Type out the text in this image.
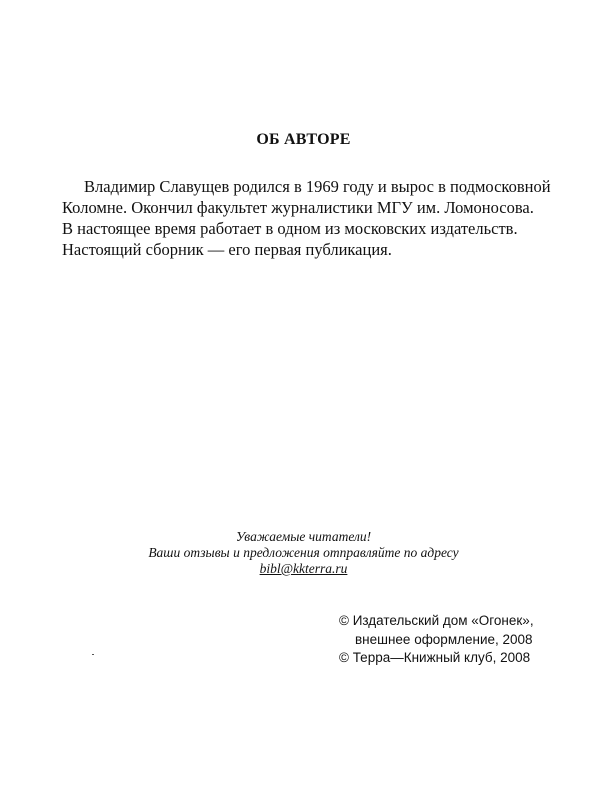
ОБ АВТОРЕ
Владимир Славущев родился в 1969 году и вырос в подмосковной
Коломне. Окончил факультет журналистики МГУ им. Ломоносова.
В настоящее время работает в одном из московских издательств.
Настоящий сборник — его первая публикация.
Уважаемые читатели!
Ваши отзывы и предложения отправляйте по адресу
bibl@kkterra.ru
© Издательский дом «Огонек»,
внешнее оформление, 2008
© Терра—Книжный клуб, 2008
